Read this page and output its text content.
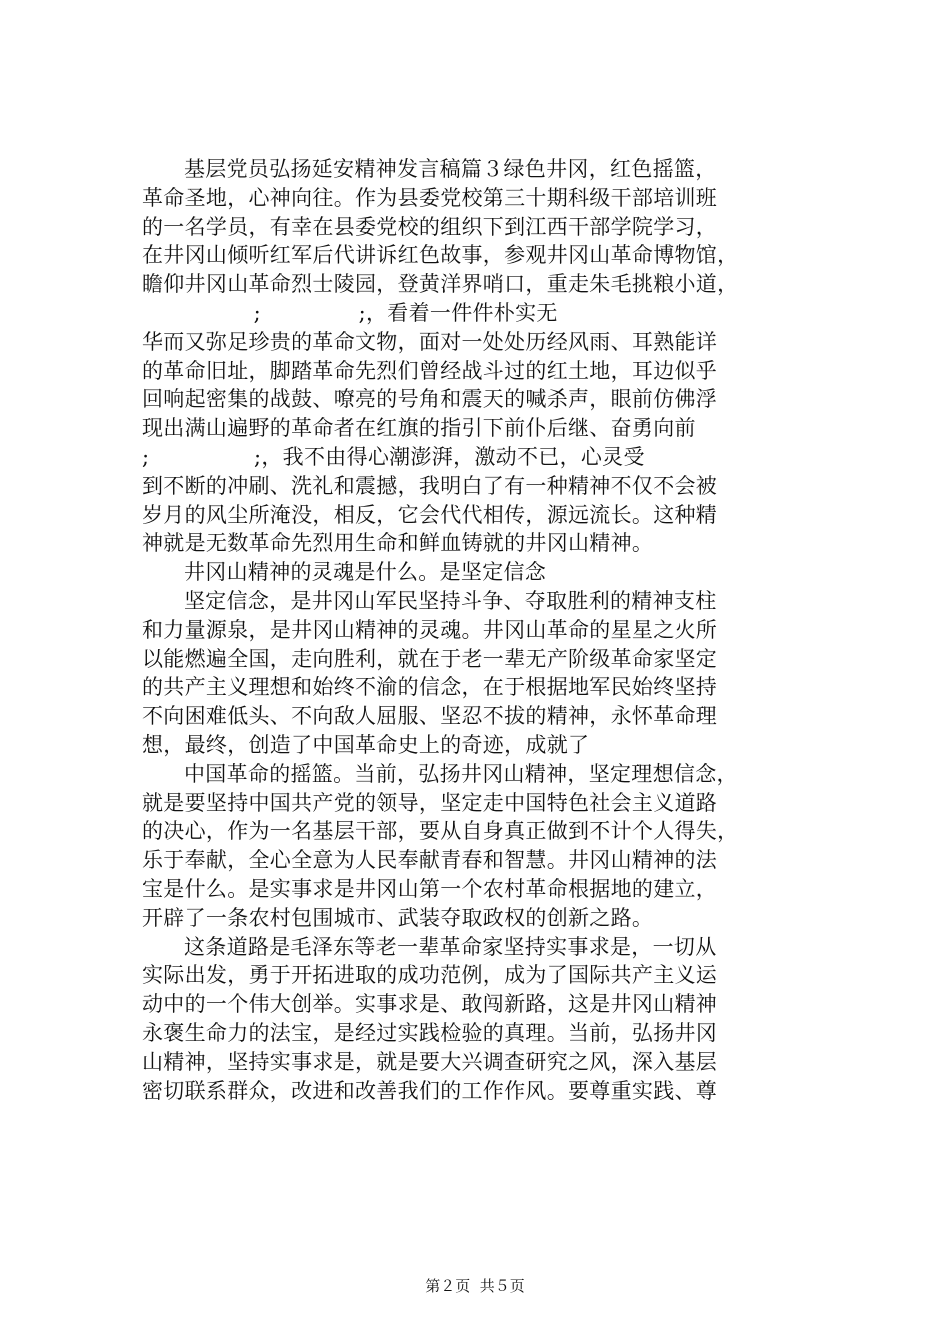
基层党员弘扬延安精神发言稿篇３绿色井冈，红色摇篮，
革命圣地，心神向往。作为县委党校第三十期科级干部培训班
的一名学员，有幸在县委党校的组织下到江西干部学院学习，
在井冈山倾听红军后代讲诉红色故事，参观井冈山革命博物馆，
瞻仰井冈山革命烈士陵园，登黄洋界哨口，重走朱毛挑粮小道，
;              ;，看着一件件朴实无
华而又弥足珍贵的革命文物，面对一处处历经风雨、耳熟能详
的革命旧址，脚踏革命先烈们曾经战斗过的红土地，耳边似乎
回响起密集的战鼓、嘹亮的号角和震天的喊杀声，眼前仿佛浮
现出满山遍野的革命者在红旗的指引下前仆后继、奋勇向前
;               ;，我不由得心潮澎湃，激动不已，心灵受
到不断的冲刷、洗礼和震撼，我明白了有一种精神不仅不会被
岁月的风尘所淹没，相反，它会代代相传，源远流长。这种精
神就是无数革命先烈用生命和鲜血铸就的井冈山精神。
井冈山精神的灵魂是什么。是坚定信念
坚定信念，是井冈山军民坚持斗争、夺取胜利的精神支柱
和力量源泉，是井冈山精神的灵魂。井冈山革命的星星之火所
以能燃遍全国，走向胜利，就在于老一辈无产阶级革命家坚定
的共产主义理想和始终不渝的信念，在于根据地军民始终坚持
不向困难低头、不向敌人屈服、坚忍不拔的精神，永怀革命理
想，最终，创造了中国革命史上的奇迹，成就了
中国革命的摇篮。当前，弘扬井冈山精神，坚定理想信念，
就是要坚持中国共产党的领导，坚定走中国特色社会主义道路
的决心，作为一名基层干部，要从自身真正做到不计个人得失，
乐于奉献，全心全意为人民奉献青春和智慧。井冈山精神的法
宝是什么。是实事求是井冈山第一个农村革命根据地的建立，
开辟了一条农村包围城市、武装夺取政权的创新之路。
这条道路是毛泽东等老一辈革命家坚持实事求是，一切从
实际出发，勇于开拓进取的成功范例，成为了国际共产主义运
动中的一个伟大创举。实事求是、敢闯新路，这是井冈山精神
永褒生命力的法宝，是经过实践检验的真理。当前，弘扬井冈
山精神，坚持实事求是，就是要大兴调查研究之风，深入基层
密切联系群众，改进和改善我们的工作作风。要尊重实践、尊
第２页  共５页
